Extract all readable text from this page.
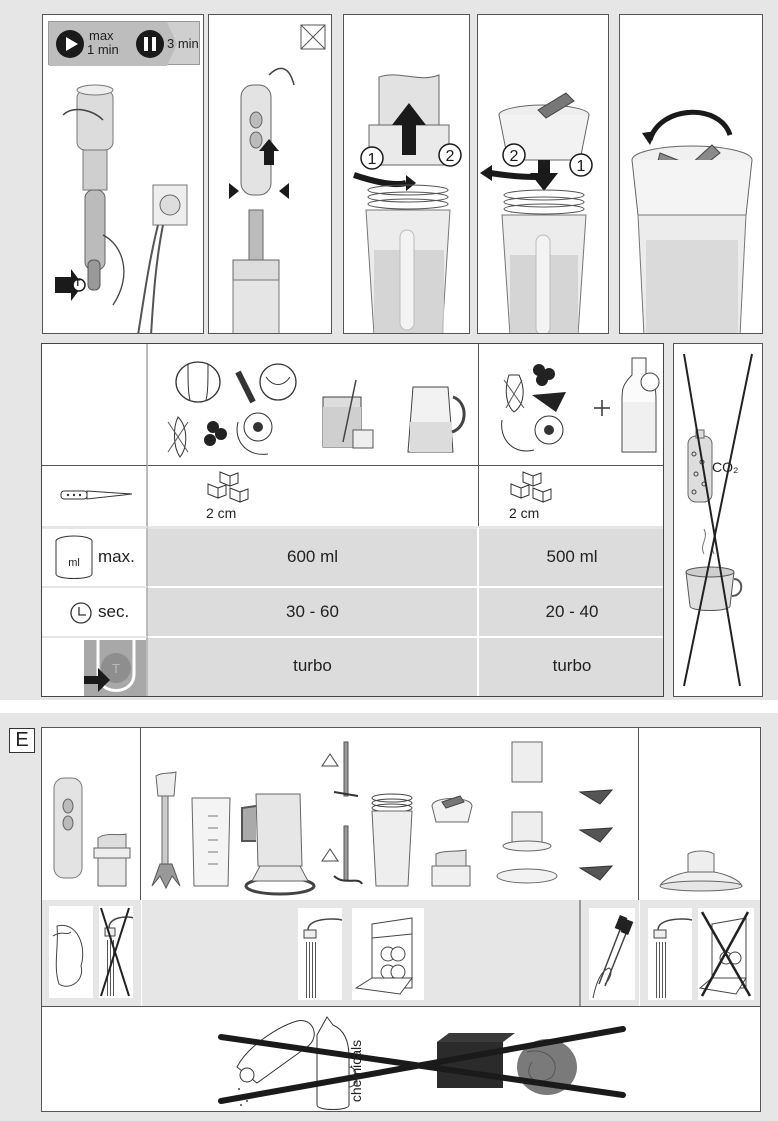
max
1 min	3 min
T
1	2	2
1
2 cm	2 cm
ml max.	600 ml	500 ml
sec.	30 - 60	20 - 40
T	turbo	turbo
CO₂
E
chemicals
